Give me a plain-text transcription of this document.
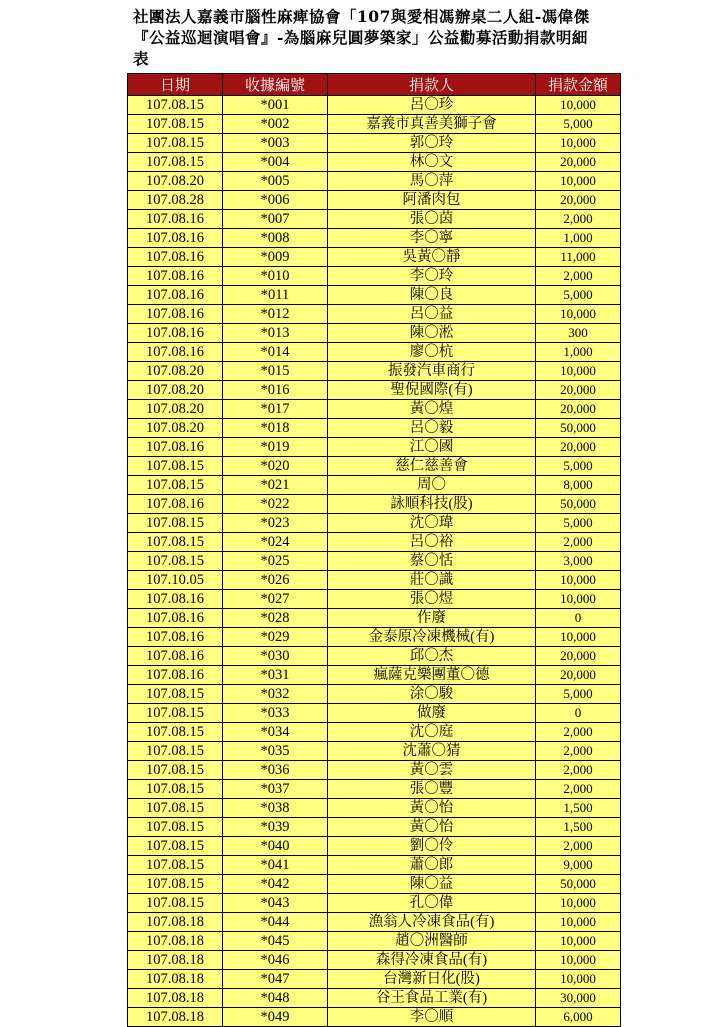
社團法人嘉義市腦性麻痺協會「107與愛相馮辦桌二人組-馮偉傑『公益巡迴演唱會』-為腦麻兒圓夢築家」公益勸募活動捐款明細表
日期	收據編號	捐款人	捐款金額
107.08.15	*001	呂〇珍	10,000
107.08.15	*002	嘉義市真善美獅子會	5,000
107.08.15	*003	郭〇玲	10,000
107.08.15	*004	林〇文	20,000
107.08.20	*005	馬〇萍	10,000
107.08.28	*006	阿潘肉包	20,000
107.08.16	*007	張〇茵	2,000
107.08.16	*008	李〇寧	1,000
107.08.16	*009	吳黃〇靜	11,000
107.08.16	*010	李〇玲	2,000
107.08.16	*011	陳〇良	5,000
107.08.16	*012	呂〇益	10,000
107.08.16	*013	陳〇淞	300
107.08.16	*014	廖〇杭	1,000
107.08.20	*015	振發汽車商行	10,000
107.08.20	*016	聖倪國際(有)	20,000
107.08.20	*017	黃〇煌	20,000
107.08.20	*018	呂〇毅	50,000
107.08.16	*019	江〇國	20,000
107.08.15	*020	慈仁慈善會	5,000
107.08.15	*021	周〇	8,000
107.08.16	*022	詠順科技(股)	50,000
107.08.15	*023	沈〇瑋	5,000
107.08.15	*024	呂〇裕	2,000
107.08.15	*025	蔡〇恬	3,000
107.10.05	*026	莊〇識	10,000
107.08.16	*027	張〇煜	10,000
107.08.16	*028	作廢	0
107.08.16	*029	金泰原冷凍機械(有)	10,000
107.08.16	*030	邱〇杰	20,000
107.08.16	*031	瘋薩克樂團董〇德	20,000
107.08.15	*032	涂〇駿	5,000
107.08.15	*033	做廢	0
107.08.15	*034	沈〇庭	2,000
107.08.15	*035	沈蕭〇猜	2,000
107.08.15	*036	黃〇雲	2,000
107.08.15	*037	張〇豐	2,000
107.08.15	*038	黃〇怡	1,500
107.08.15	*039	黃〇怡	1,500
107.08.15	*040	劉〇伶	2,000
107.08.15	*041	蕭〇郎	9,000
107.08.15	*042	陳〇益	50,000
107.08.15	*043	孔〇偉	10,000
107.08.18	*044	漁翁人冷凍食品(有)	10,000
107.08.18	*045	趙〇洲醫師	10,000
107.08.18	*046	森得冷凍食品(有)	10,000
107.08.18	*047	台灣新日化(股)	10,000
107.08.18	*048	谷王食品工業(有)	30,000
107.08.18	*049	李〇順	6,000
